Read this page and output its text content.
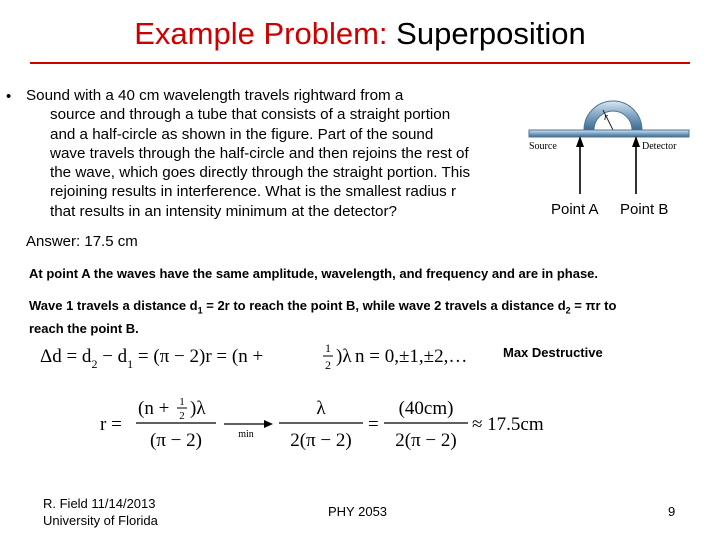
Example Problem: Superposition
• Sound with a 40 cm wavelength travels rightward from a
source and through a tube that consists of a straight portion
and a half-circle as shown in the figure. Part of the sound
wave travels through the half-circle and then rejoins the rest of
the wave, which goes directly through the straight portion. This
rejoining results in interference. What is the smallest radius r
that results in an intensity minimum at the detector?
r
Source	Detector
Point A Point B
Answer: 17.5 cm
At point A the waves have the same amplitude, wavelength, and frequency and are in phase.
Wave 1 travels a distance $d_1 = 2r$ to reach the point B, while wave 2 travels a distance $d_2 = \pi r$ to
reach the point B.
$\Delta d = d_2 - d_1 = (\pi - 2)r = (n$ +	1
2 )λ n = 0,±1,±2,…	Max Destructive
r =
(n + 1
2 )λ
(π − 2)	min
λ
2(π − 2)
=
(40cm)
2(π − 2)
≈ 17.5cm
R. Field 11/14/2013
University of Florida
PHY 2053	9
